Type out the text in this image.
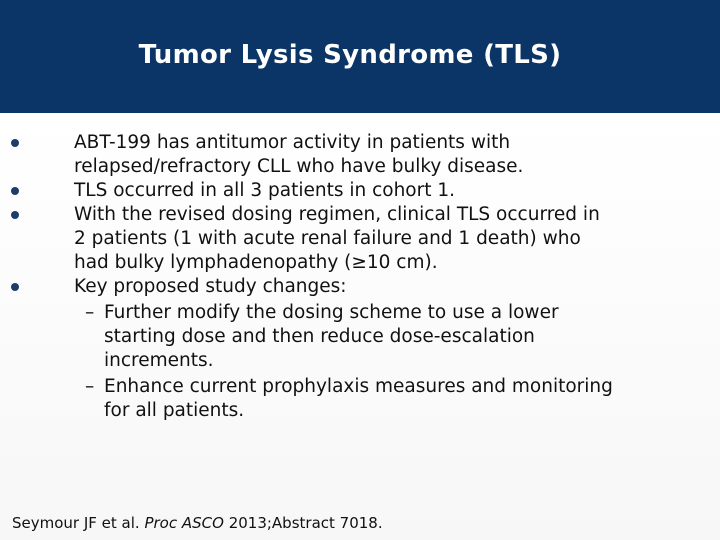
Tumor Lysis Syndrome (TLS)
ABT-199 has antitumor activity in patients with
relapsed/refractory CLL who have bulky disease.
TLS occurred in all 3 patients in cohort 1.
With the revised dosing regimen, clinical TLS occurred in
2 patients (1 with acute renal failure and 1 death) who
had bulky lymphadenopathy (≥10 cm).
Key proposed study changes:
– Further modify the dosing scheme to use a lower
starting dose and then reduce dose-escalation
increments.
– Enhance current prophylaxis measures and monitoring
for all patients.
Seymour JF et al. Proc ASCO 2013;Abstract 7018.
